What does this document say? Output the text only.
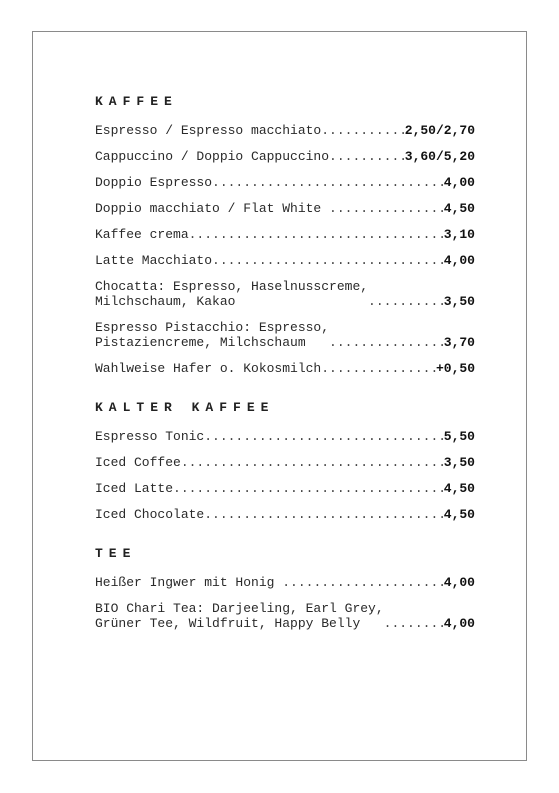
KAFFEE
Espresso / Espresso macchiato .....	2,50/2,70
Cappuccino / Doppio Cappuccino .....	3,60/5,20
Doppio Espresso .....	4,00
Doppio macchiato / Flat White .....	4,50
Kaffee crema .....	3,10
Latte Macchiato .....	4,00
Chocatta: Espresso, Haselnusscreme,
Milchschaum, Kakao .....	3,50
Espresso Pistacchio: Espresso,
Pistaziencreme, Milchschaum .....	3,70
Wahlweise Hafer o. Kokosmilch .....	+0,50
KALTER KAFFEE
Espresso Tonic .....	5,50
Iced Coffee .....	3,50
Iced Latte .....	4,50
Iced Chocolate .....	4,50
TEE
Heißer Ingwer mit Honig .....	4,00
BIO Chari Tea: Darjeeling, Earl Grey,
Grüner Tee, Wildfruit, Happy Belly .....	4,00
